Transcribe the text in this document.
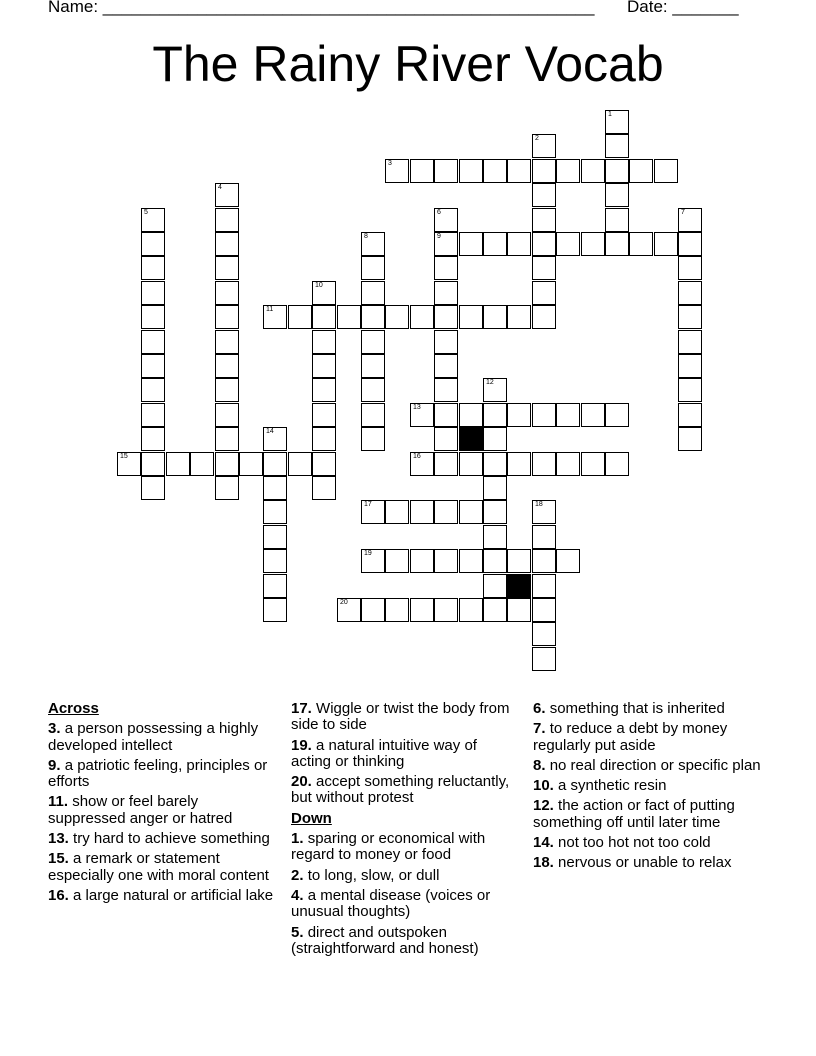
Name: ____________________________________________________ Date: _______
The Rainy River Vocab
1
2
3
4
5	6
9
7
8
10
11
12
13
14
15	16
17	18
19
20
Across
3. a person possessing a highly developed intellect
9. a patriotic feeling, principles or efforts
11. show or feel barely suppressed anger or hatred
13. try hard to achieve something
15. a remark or statement especially one with moral content
16. a large natural or artificial lake
17. Wiggle or twist the body from side to side
19. a natural intuitive way of acting or thinking
20. accept something reluctantly, but without protest
Down
1. sparing or economical with regard to money or food
2. to long, slow, or dull
4. a mental disease (voices or unusual thoughts)
5. direct and outspoken (straightforward and honest)
6. something that is inherited
7. to reduce a debt by money regularly put aside
8. no real direction or specific plan
10. a synthetic resin
12. the action or fact of putting something off until later time
14. not too hot not too cold
18. nervous or unable to relax
